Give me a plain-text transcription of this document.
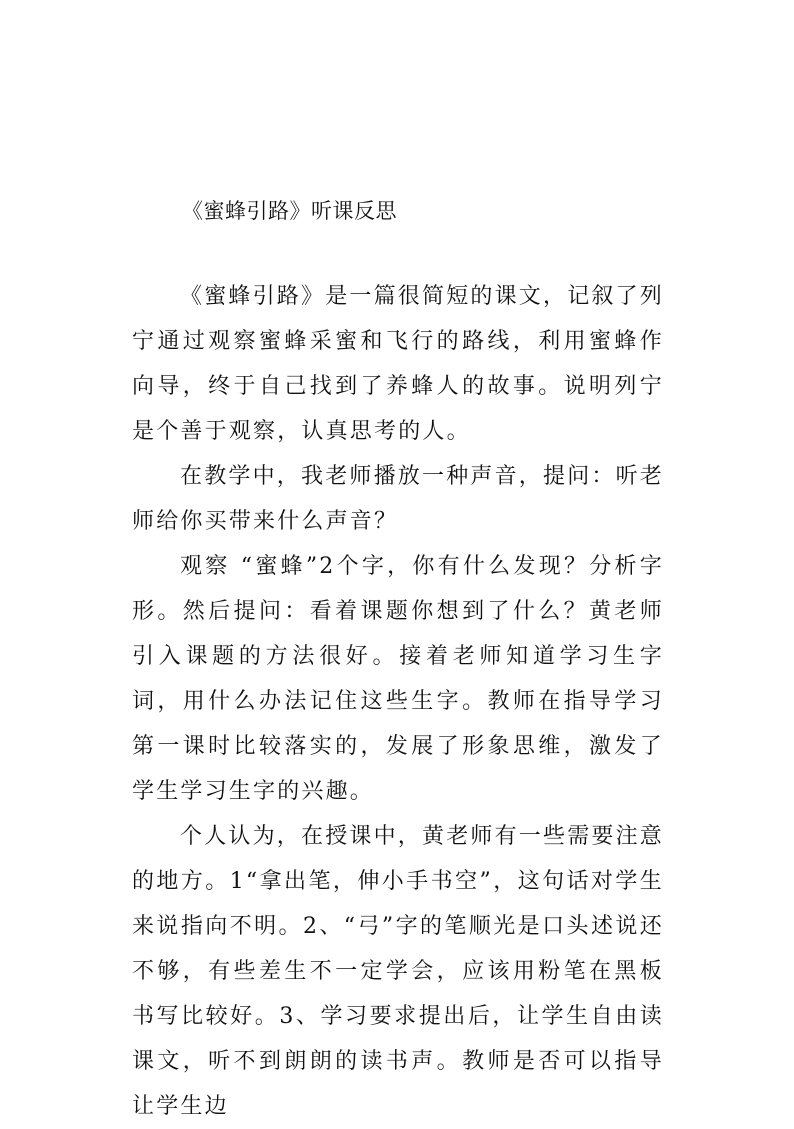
《蜜蜂引路》听课反思

《蜜蜂引路》是一篇很简短的课文，记叙了列宁通过观察蜜蜂采蜜和飞行的路线，利用蜜蜂作向导，终于自己找到了养蜂人的故事。说明列宁是个善于观察，认真思考的人。

在教学中，我老师播放一种声音，提问：听老师给你买带来什么声音？

观察 “蜜蜂”2个字，你有什么发现？分析字形。然后提问：看着课题你想到了什么？黄老师引入课题的方法很好。接着老师知道学习生字词，用什么办法记住这些生字。教师在指导学习第一课时比较落实的，发展了形象思维，激发了学生学习生字的兴趣。

个人认为，在授课中，黄老师有一些需要注意的地方。1“拿出笔，伸小手书空”，这句话对学生来说指向不明。2、“弓”字的笔顺光是口头述说还不够，有些差生不一定学会，应该用粉笔在黑板书写比较好。3、学习要求提出后，让学生自由读课文，听不到朗朗的读书声。教师是否可以指导让学生边
